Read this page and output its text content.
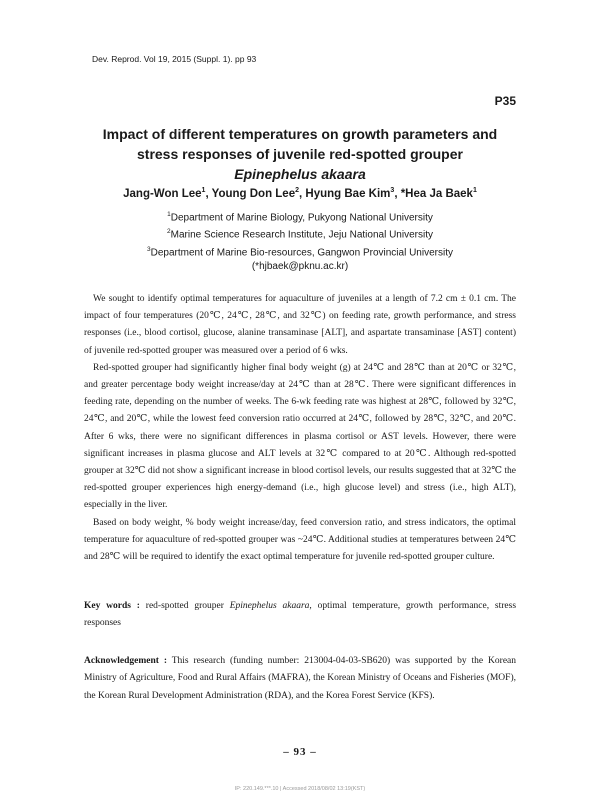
Dev. Reprod. Vol 19, 2015 (Suppl. 1). pp 93
P35
Impact of different temperatures on growth parameters and
stress responses of juvenile red-spotted grouper
Epinephelus akaara
Jang-Won Lee$^1$, Young Don Lee$^2$, Hyung Bae Kim$^3$, *Hea Ja Baek$^1$
$^1$Department of Marine Biology, Pukyong National University
$^2$Marine Science Research Institute, Jeju National University
$^3$Department of Marine Bio-resources, Gangwon Provincial University
(*hjbaek@pknu.ac.kr)

We sought to identify optimal temperatures for aquaculture of juveniles at a length of 7.2 cm ± 0.1 cm. The impact of four temperatures (20℃, 24℃, 28℃, and 32℃) on feeding rate, growth performance, and stress responses (i.e., blood cortisol, glucose, alanine transaminase [ALT], and aspartate transaminase [AST] content) of juvenile red-spotted grouper was measured over a period of 6 wks.

Red-spotted grouper had significantly higher final body weight (g) at 24℃ and 28℃ than at 20℃ or 32℃, and greater percentage body weight increase/day at 24℃ than at 28℃. There were significant differences in feeding rate, depending on the number of weeks. The 6-wk feeding rate was highest at 28℃, followed by 32℃, 24℃, and 20℃, while the lowest feed conversion ratio occurred at 24℃, followed by 28℃, 32℃, and 20℃. After 6 wks, there were no significant differences in plasma cortisol or AST levels. However, there were significant increases in plasma glucose and ALT levels at 32℃ compared to at 20℃. Although red-spotted grouper at 32℃ did not show a significant increase in blood cortisol levels, our results suggested that at 32℃ the red-spotted grouper experiences high energy-demand (i.e., high glucose level) and stress (i.e., high ALT), especially in the liver.

Based on body weight, % body weight increase/day, feed conversion ratio, and stress indicators, the optimal temperature for aquaculture of red-spotted grouper was ~24℃. Additional studies at temperatures between 24℃ and 28℃ will be required to identify the exact optimal temperature for juvenile red-spotted grouper culture.

Key words : red-spotted grouper Epinephelus akaara, optimal temperature, growth performance, stress responses
Acknowledgement : This research (funding number: 213004-04-03-SB620) was supported by the Korean Ministry of Agriculture, Food and Rural Affairs (MAFRA), the Korean Ministry of Oceans and Fisheries (MOF), the Korean Rural Development Administration (RDA), and the Korea Forest Service (KFS).
– 93 –
IP: 220.149.***.10 | Accessed 2018/08/02 13:19(KST)
